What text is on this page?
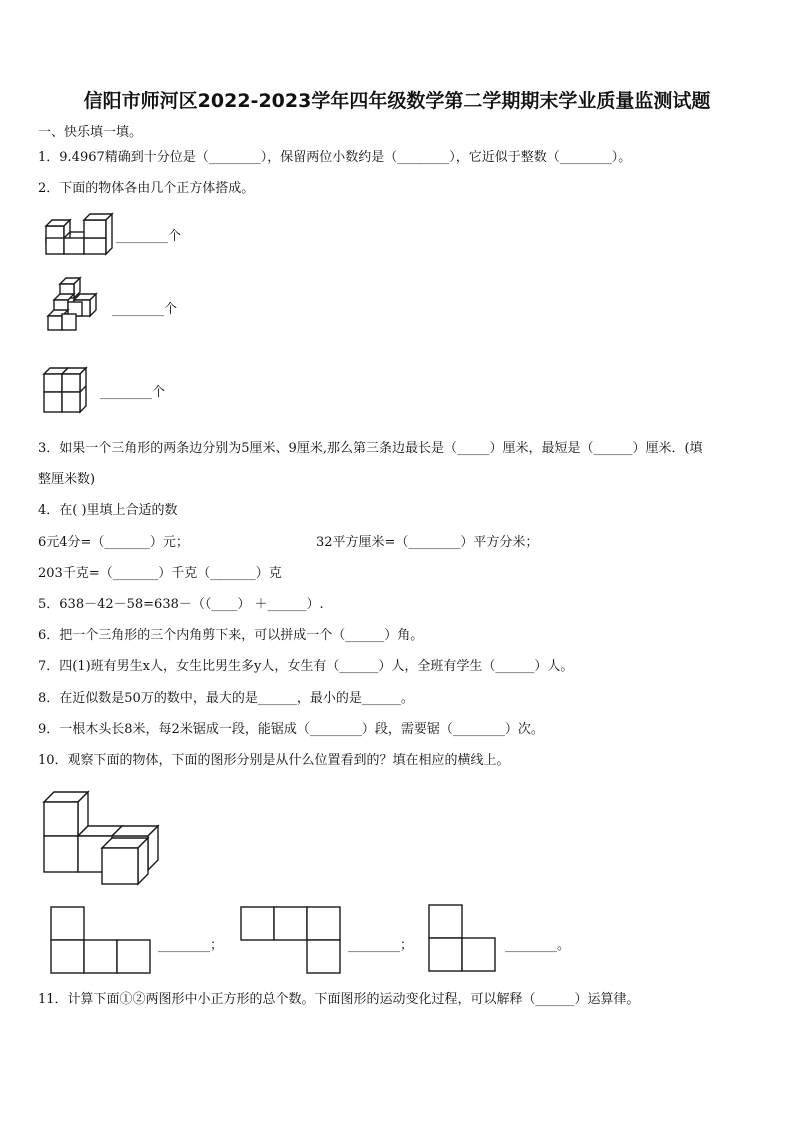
信阳市师河区2022-2023学年四年级数学第二学期期末学业质量监测试题
一、快乐填一填。
1．9.4967精确到十分位是（________），保留两位小数约是（________），它近似于整数（________）。
2．下面的物体各由几个正方体搭成。
________个
________个
________个
3．如果一个三角形的两条边分别为5厘米、9厘米,那么第三条边最长是（_____）厘米，最短是（______）厘米．(填
整厘米数)
4．在( )里填上合适的数
6元4分=（_______）元；	32平方厘米=（________）平方分米；
203千克=（_______）千克（_______）克
5．638－42－58=638－（（____） ＋______）.
6．把一个三角形的三个内角剪下来，可以拼成一个（______）角。
7．四(1)班有男生x人，女生比男生多y人，女生有（______）人，全班有学生（______）人。
8．在近似数是50万的数中，最大的是______，最小的是______。
9．一根木头长8米，每2米锯成一段，能锯成（________）段，需要锯（________）次。
10．观察下面的物体，下面的图形分别是从什么位置看到的？填在相应的横线上。
________；	________；	________。
11．计算下面①②两图形中小正方形的总个数。下面图形的运动变化过程，可以解释（______）运算律。
